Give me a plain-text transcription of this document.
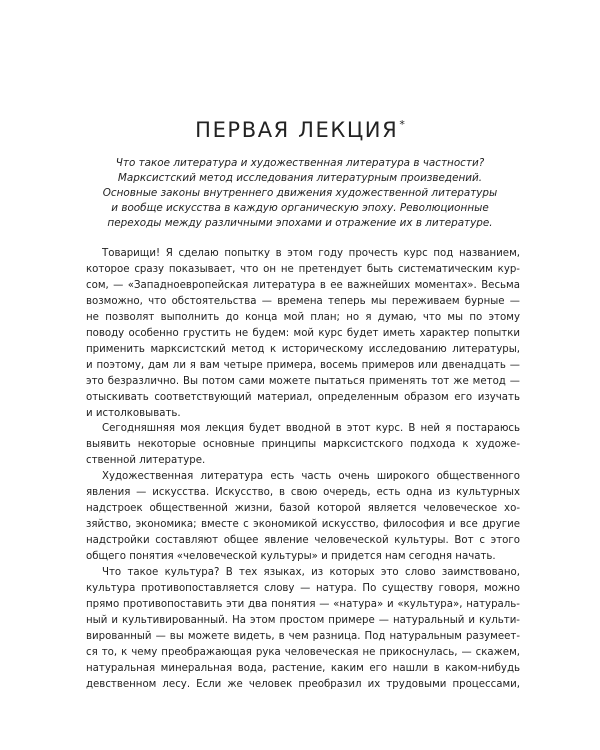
ПЕРВАЯ ЛЕКЦИЯ*
Что такое литература и художественная литература в частности?
Марксистский метод исследования литературным произведений.
Основные законы внутреннего движения художественной литературы
и вообще искусства в каждую органическую эпоху. Революционные
переходы между различными эпохами и отражение их в литературе.
Товарищи! Я сделаю попытку в этом году прочесть курс под названием,
которое сразу показывает, что он не претендует быть систематическим кур-
сом, — «Западноевропейская литература в ее важнейших моментах». Весьма
возможно, что обстоятельства — времена теперь мы переживаем бурные —
не позволят выполнить до конца мой план; но я думаю, что мы по этому
поводу особенно грустить не будем: мой курс будет иметь характер попытки
применить марксистский метод к историческому исследованию литературы,
и поэтому, дам ли я вам четыре примера, восемь примеров или двенадцать —
это безразлично. Вы потом сами можете пытаться применять тот же метод —
отыскивать соответствующий материал, определенным образом его изучать
и истолковывать.
Сегодняшняя моя лекция будет вводной в этот курс. В ней я постараюсь
выявить некоторые основные принципы марксистского подхода к художе-
ственной литературе.
Художественная литература есть часть очень широкого общественного
явления — искусства. Искусство, в свою очередь, есть одна из культурных
надстроек общественной жизни, базой которой является человеческое хо-
зяйство, экономика; вместе с экономикой искусство, философия и все другие
надстройки составляют общее явление человеческой культуры. Вот с этого
общего понятия «человеческой культуры» и придется нам сегодня начать.
Что такое культура? В тех языках, из которых это слово заимствовано,
культура противопоставляется слову — натура. По существу говоря, можно
прямо противопоставить эти два понятия — «натура» и «культура», натураль-
ный и культивированный. На этом простом примере — натуральный и культи-
вированный — вы можете видеть, в чем разница. Под натуральным разумеет-
ся то, к чему преображающая рука человеческая не прикоснулась, — скажем,
натуральная минеральная вода, растение, каким его нашли в каком-нибудь
девственном лесу. Если же человек преобразил их трудовыми процессами,
